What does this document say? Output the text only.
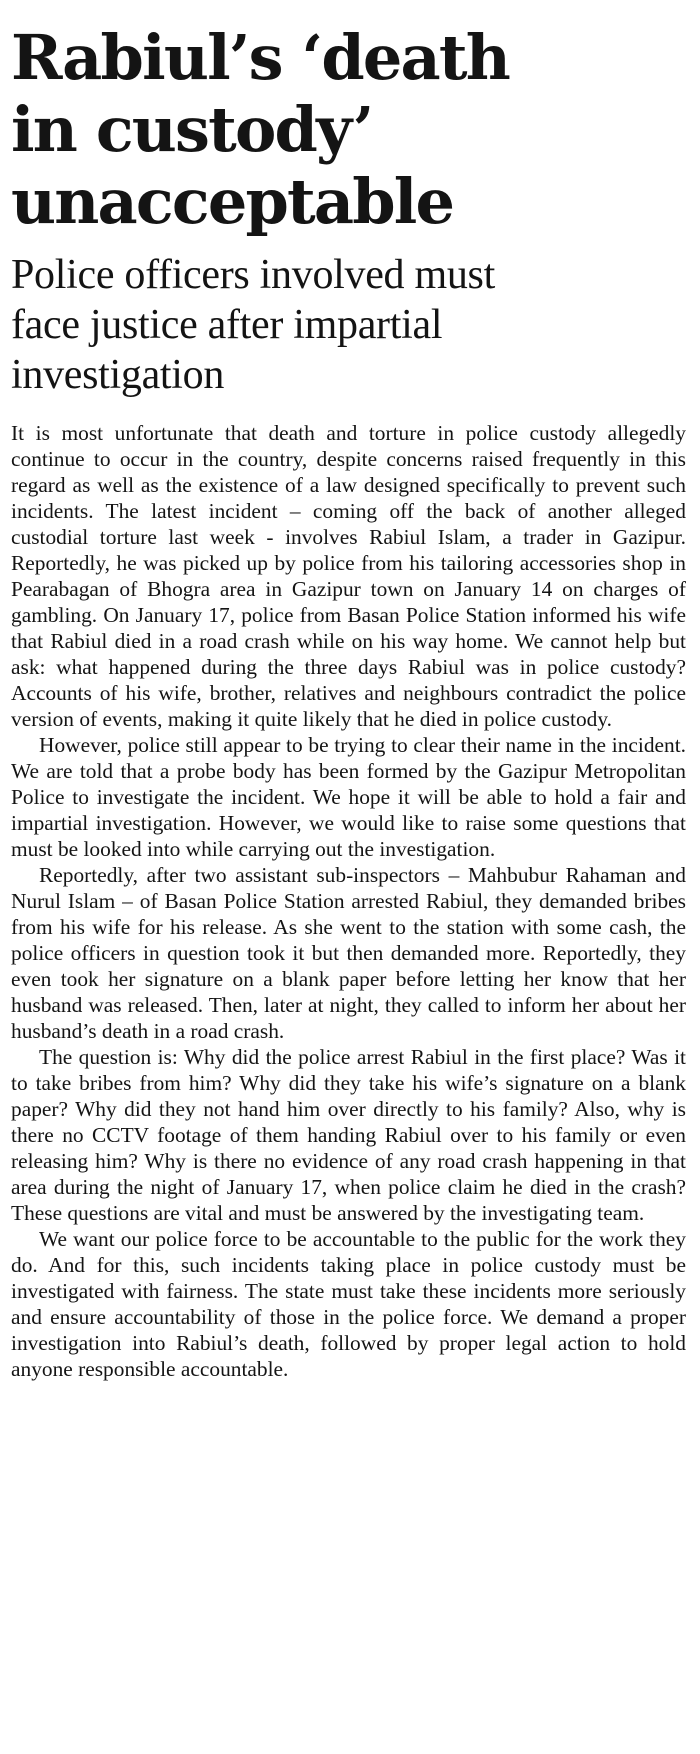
Rabiul’s ‘death in custody’ unacceptable
Police officers involved must face justice after impartial investigation

It is most unfortunate that death and torture in police custody allegedly continue to occur in the country, despite concerns raised frequently in this regard as well as the existence of a law designed specifically to prevent such incidents. The latest incident – coming off the back of another alleged custodial torture last week - involves Rabiul Islam, a trader in Gazipur. Reportedly, he was picked up by police from his tailoring accessories shop in Pearabagan of Bhogra area in Gazipur town on January 14 on charges of gambling. On January 17, police from Basan Police Station informed his wife that Rabiul died in a road crash while on his way home. We cannot help but ask: what happened during the three days Rabiul was in police custody? Accounts of his wife, brother, relatives and neighbours contradict the police version of events, making it quite likely that he died in police custody.

However, police still appear to be trying to clear their name in the incident. We are told that a probe body has been formed by the Gazipur Metropolitan Police to investigate the incident. We hope it will be able to hold a fair and impartial investigation. However, we would like to raise some questions that must be looked into while carrying out the investigation.

Reportedly, after two assistant sub-inspectors – Mahbubur Rahaman and Nurul Islam – of Basan Police Station arrested Rabiul, they demanded bribes from his wife for his release. As she went to the station with some cash, the police officers in question took it but then demanded more. Reportedly, they even took her signature on a blank paper before letting her know that her husband was released. Then, later at night, they called to inform her about her husband’s death in a road crash.

The question is: Why did the police arrest Rabiul in the first place? Was it to take bribes from him? Why did they take his wife’s signature on a blank paper? Why did they not hand him over directly to his family? Also, why is there no CCTV footage of them handing Rabiul over to his family or even releasing him? Why is there no evidence of any road crash happening in that area during the night of January 17, when police claim he died in the crash? These questions are vital and must be answered by the investigating team.

We want our police force to be accountable to the public for the work they do. And for this, such incidents taking place in police custody must be investigated with fairness. The state must take these incidents more seriously and ensure accountability of those in the police force. We demand a proper investigation into Rabiul’s death, followed by proper legal action to hold anyone responsible accountable.
